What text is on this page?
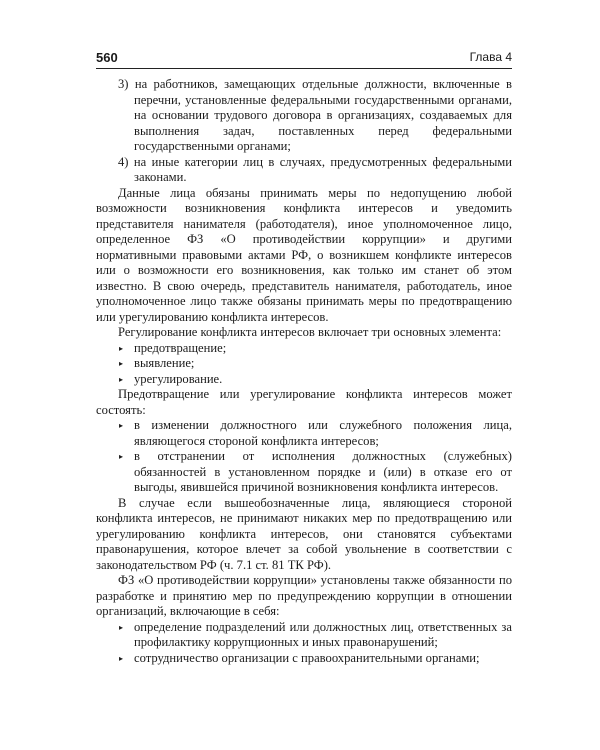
560	Глава 4

3) на работников, замещающих отдельные должности, включенные в перечни, установленные федеральными государственными органами, на основании трудового договора в организациях, создаваемых для выполнения задач, поставленных перед федеральными государственными органами;

4) на иные категории лиц в случаях, предусмотренных федеральными законами.

Данные лица обязаны принимать меры по недопущению любой возможности возникновения конфликта интересов и уведомить представителя нанимателя (работодателя), иное уполномоченное лицо, определенное ФЗ «О противодействии коррупции» и другими нормативными правовыми актами РФ, о возникшем конфликте интересов или о возможности его возникновения, как только им станет об этом известно. В свою очередь, представитель нанимателя, работодатель, иное уполномоченное лицо также обязаны принимать меры по предотвращению или урегулированию конфликта интересов.

Регулирование конфликта интересов включает три основных элемента:

▸ предотвращение;
▸ выявление;
▸ урегулирование.

Предотвращение или урегулирование конфликта интересов может состоять:

▸ в изменении должностного или служебного положения лица, являющегося стороной конфликта интересов;
▸ в отстранении от исполнения должностных (служебных) обязанностей в установленном порядке и (или) в отказе его от выгоды, явившейся причиной возникновения конфликта интересов.

В случае если вышеобозначенные лица, являющиеся стороной конфликта интересов, не принимают никаких мер по предотвращению или урегулированию конфликта интересов, они становятся субъектами правонарушения, которое влечет за собой увольнение в соответствии с законодательством РФ (ч. 7.1 ст. 81 ТК РФ).

ФЗ «О противодействии коррупции» установлены также обязанности по разработке и принятию мер по предупреждению коррупции в отношении организаций, включающие в себя:

▸ определение подразделений или должностных лиц, ответственных за профилактику коррупционных и иных правонарушений;
▸ сотрудничество организации с правоохранительными органами;
